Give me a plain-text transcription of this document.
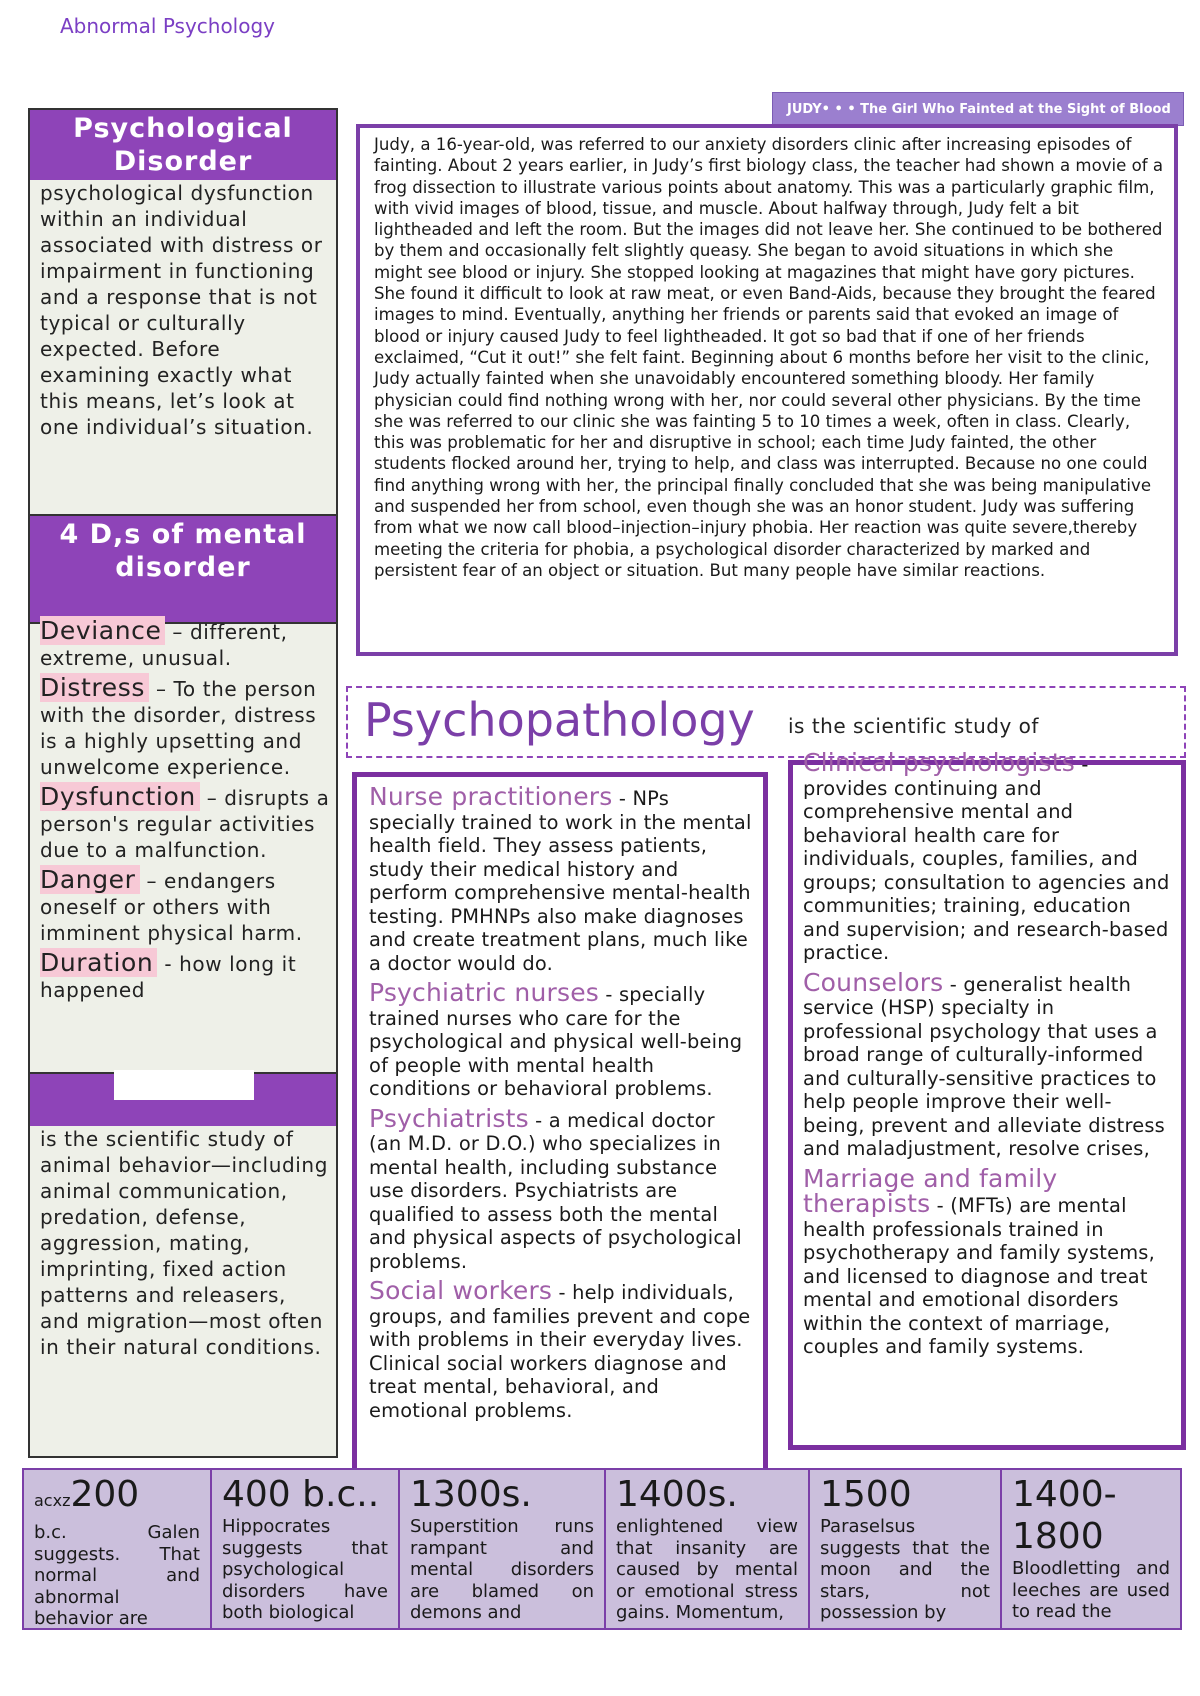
Abnormal Psychology
Psychological Disorder
psychological dysfunction within an individual associated with distress or impairment in functioning and a response that is not typical or culturally expected. Before examining exactly what this means, let’s look at one individual’s situation.
4 D,s of mental disorder
Deviance – different, extreme, unusual.
Distress – To the person with the disorder, distress is a highly upsetting and unwelcome experience.
Dysfunction – disrupts a person's regular activities due to a malfunction.
Danger – endangers oneself or others with imminent physical harm.
Duration - how long it happened
is the scientific study of animal behavior—including animal communication, predation, defense, aggression, mating, imprinting, fixed action patterns and releasers, and migration—most often in their natural conditions.
JUDY• • • The Girl Who Fainted at the Sight of Blood
Judy, a 16-year-old, was referred to our anxiety disorders clinic after increasing episodes of fainting. About 2 years earlier, in Judy’s first biology class, the teacher had shown a movie of a frog dissection to illustrate various points about anatomy. This was a particularly graphic film, with vivid images of blood, tissue, and muscle. About halfway through, Judy felt a bit lightheaded and left the room. But the images did not leave her. She continued to be bothered by them and occasionally felt slightly queasy. She began to avoid situations in which she might see blood or injury. She stopped looking at magazines that might have gory pictures. She found it difficult to look at raw meat, or even Band-Aids, because they brought the feared images to mind. Eventually, anything her friends or parents said that evoked an image of blood or injury caused Judy to feel lightheaded. It got so bad that if one of her friends exclaimed, “Cut it out!” she felt faint. Beginning about 6 months before her visit to the clinic, Judy actually fainted when she unavoidably encountered something bloody. Her family physician could find nothing wrong with her, nor could several other physicians. By the time she was referred to our clinic she was fainting 5 to 10 times a week, often in class. Clearly, this was problematic for her and disruptive in school; each time Judy fainted, the other students flocked around her, trying to help, and class was interrupted. Because no one could find anything wrong with her, the principal finally concluded that she was being manipulative and suspended her from school, even though she was an honor student. Judy was suffering from what we now call blood–injection–injury phobia. Her reaction was quite severe,thereby meeting the criteria for phobia, a psychological disorder characterized by marked and persistent fear of an object or situation. But many people have similar reactions.
Psychopathology is the scientific study of
Nurse practitioners - NPs specially trained to work in the mental health field. They assess patients, study their medical history and perform comprehensive mental-health testing. PMHNPs also make diagnoses and create treatment plans, much like a doctor would do.
Psychiatric nurses - specially trained nurses who care for the psychological and physical well-being of people with mental health conditions or behavioral problems.
Psychiatrists - a medical doctor (an M.D. or D.O.) who specializes in mental health, including substance use disorders. Psychiatrists are qualified to assess both the mental and physical aspects of psychological problems.
Social workers - help individuals, groups, and families prevent and cope with problems in their everyday lives. Clinical social workers diagnose and treat mental, behavioral, and emotional problems.
Clinical psychologists - provides continuing and comprehensive mental and behavioral health care for individuals, couples, families, and groups; consultation to agencies and communities; training, education and supervision; and research-based practice.
Counselors - generalist health service (HSP) specialty in professional psychology that uses a broad range of culturally-informed and culturally-sensitive practices to help people improve their well-being, prevent and alleviate distress and maladjustment, resolve crises,
Marriage and family therapists - (MFTs) are mental health professionals trained in psychotherapy and family systems, and licensed to diagnose and treat mental and emotional disorders within the context of marriage, couples and family systems.
acxz200
b.c. Galen suggests. That normal and abnormal behavior are
400 b.c..
Hippocrates suggests that psychological disorders have both biological
1300s.
Superstition runs rampant and mental disorders are blamed on demons and
1400s.
enlightened view that insanity are caused by mental or emotional stress gains. Momentum,
1500
Paraselsus suggests that the moon and the stars, not possession by
1400-1800
Bloodletting and leeches are used to read the
